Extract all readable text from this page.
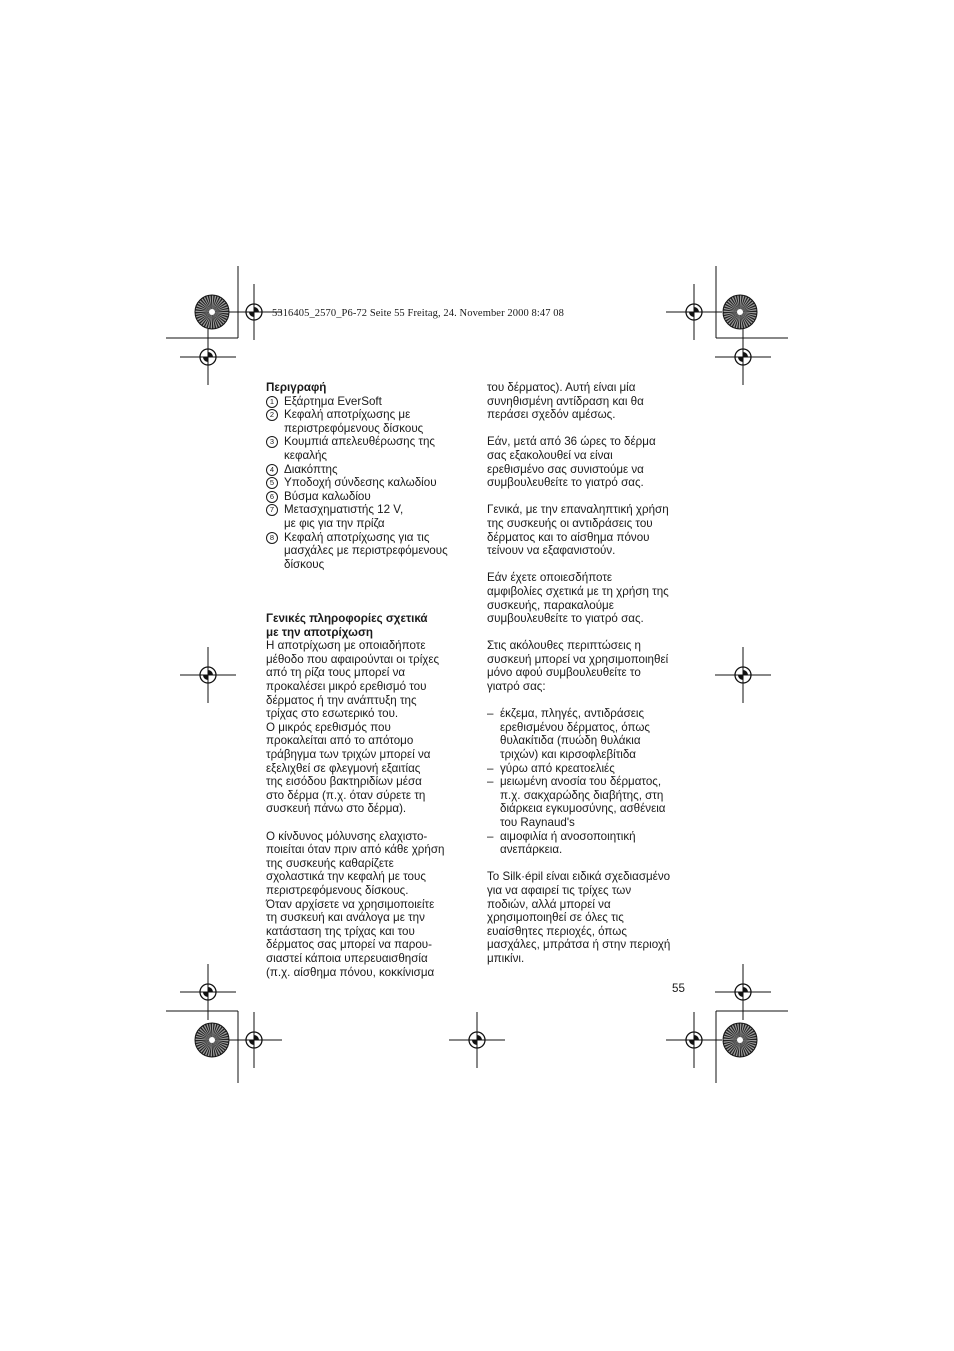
5316405_2570_P6-72 Seite 55 Freitag, 24. November 2000 8:47 08
Περιγραφή
1 Εξάρτημα EverSoft
2 Κεφαλή αποτρίχωσης με
περιστρεφόμενους δίσκους
3 Κουμπιά απελευθέρωσης της
κεφαλής
4 Διακόπτης
5 Υποδοχή σύνδεσης καλωδίου
6 Βύσμα καλωδίου
7 Μετασχηματιστής 12 V,
με φις για την πρίζα
8 Κεφαλή αποτρίχωσης για τις
μασχάλες με περιστρεφόμενους
δίσκους
Γενικές πληροφορίες σχετικά
με την αποτρίχωση
Η αποτρίχωση με οποιαδήποτε
μέθοδο που αφαιρούνται οι τρίχες
από τη ρίζα τους μπορεί να
προκαλέσει μικρό ερεθισμό του
δέρματος ή την ανάπτυξη της
τρίχας στο εσωτερικό του.
Ο μικρός ερεθισμός που
προκαλείται από το απότομο
τράβηγμα των τριχών μπορεί να
εξελιχθεί σε φλεγμονή εξαιτίας
της εισόδου βακτηριδίων μέσα
στο δέρμα (π.χ. όταν σύρετε τη
συσκευή πάνω στο δέρμα).
Ο κίνδυνος μόλυνσης ελαχιστο-
ποιείται όταν πριν από κάθε χρήση
της συσκευής καθαρίζετε
σχολαστικά την κεφαλή με τους
περιστρεφόμενους δίσκους.
Όταν αρχίσετε να χρησιμοποιείτε
τη συσκευή και ανάλογα με την
κατάσταση της τρίχας και του
δέρματος σας μπορεί να παρου-
σιαστεί κάποια υπερευαισθησία
(π.χ. αίσθημα πόνου, κοκκίνισμα
του δέρματος). Αυτή είναι μία
συνηθισμένη αντίδραση και θα
περάσει σχεδόν αμέσως.
Εάν, μετά από 36 ώρες το δέρμα
σας εξακολουθεί να είναι
ερεθισμένο σας συνιστούμε να
συμβουλευθείτε το γιατρό σας.
Γενικά, με την επαναληπτική χρήση
της συσκευής οι αντιδράσεις του
δέρματος και το αίσθημα πόνου
τείνουν να εξαφανιστούν.
Εάν έχετε οποιεσδήποτε
αμφιβολίες σχετικά με τη χρήση της
συσκευής, παρακαλούμε
συμβουλευθείτε το γιατρό σας.
Στις ακόλουθες περιπτώσεις η
συσκευή μπορεί να χρησιμοποιηθεί
μόνο αφού συμβουλευθείτε το
γιατρό σας:
– έκζεμα, πληγές, αντιδράσεις
ερεθισμένου δέρματος, όπως
θυλακίτιδα (πυώδη θυλάκια
τριχών) και κιρσοφλεβίτιδα
– γύρω από κρεατοελιές
– μειωμένη ανοσία του δέρματος,
π.χ. σακχαρώδης διαβήτης, στη
διάρκεια εγκυμοσύνης, ασθένεια
του Raynaud's
– αιμοφιλία ή ανοσοποιητική
ανεπάρκεια.
Το Silk·épil είναι ειδικά σχεδιασμένο
για να αφαιρεί τις τρίχες των
ποδιών, αλλά μπορεί να
χρησιμοποιηθεί σε όλες τις
ευαίσθητες περιοχές, όπως
μασχάλες, μπράτσα ή στην περιοχή
μπικίνι.
55
